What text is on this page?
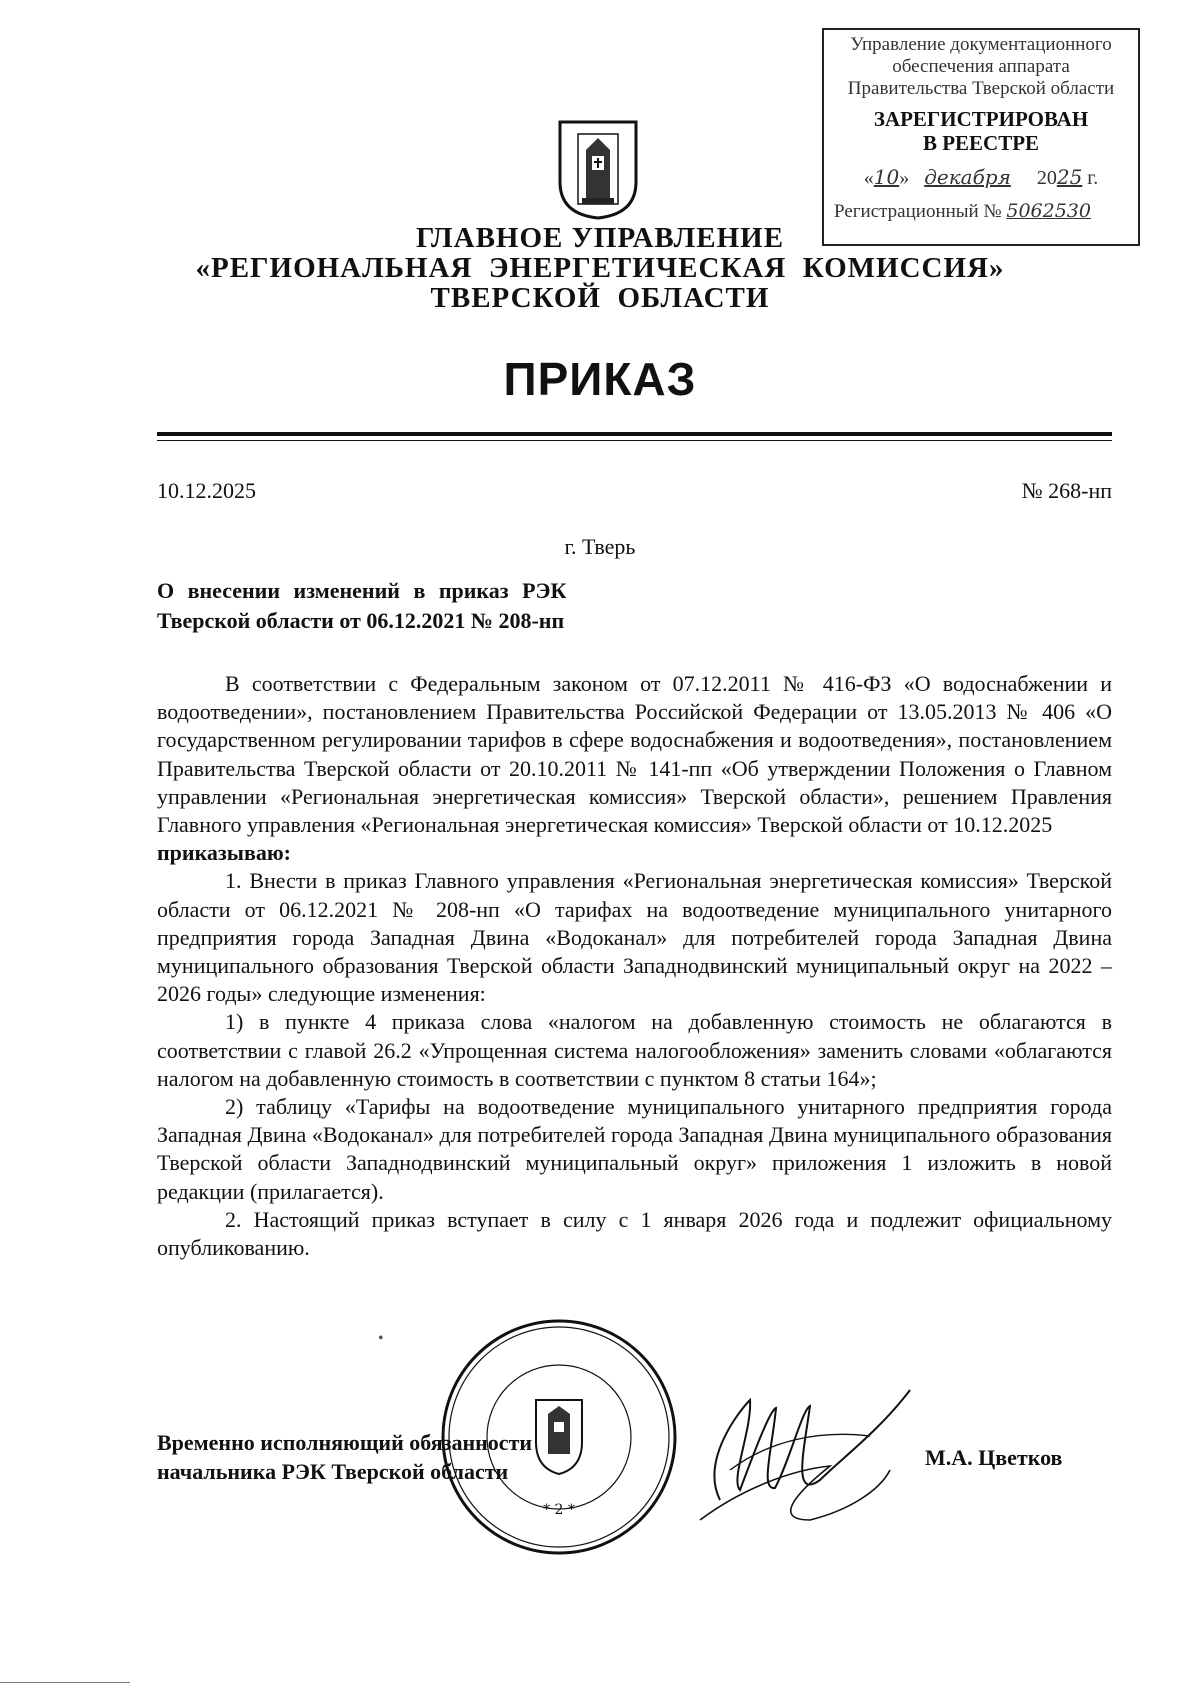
Управление документационного
обеспечения аппарата
Правительства Тверской области
ЗАРЕГИСТРИРОВАН
В РЕЕСТРЕ
«10» декабря 2025 г.
Регистрационный № 5062530
ГЛАВНОЕ УПРАВЛЕНИЕ
«РЕГИОНАЛЬНАЯ  ЭНЕРГЕТИЧЕСКАЯ  КОМИССИЯ»
ТВЕРСКОЙ  ОБЛАСТИ
ПРИКАЗ
10.12.2025	№ 268-нп
г. Тверь
О внесении изменений в приказ РЭК
Тверской области от 06.12.2021 № 208-нп

В соответствии с Федеральным законом от 07.12.2011 № 416-ФЗ «О водоснабжении и водоотведении», постановлением Правительства Российской Федерации от 13.05.2013 № 406 «О государственном регулировании тарифов в сфере водоснабжения и водоотведения», постановлением Правительства Тверской области от 20.10.2011 № 141-пп «Об утверждении Положения о Главном управлении «Региональная энергетическая комиссия» Тверской области», решением Правления Главного управления «Региональная энергетическая комиссия» Тверской области от 10.12.2025

приказываю:

1. Внести в приказ Главного управления «Региональная энергетическая комиссия» Тверской области от 06.12.2021 № 208-нп «О тарифах на водоотведение муниципального унитарного предприятия города Западная Двина «Водоканал» для потребителей города Западная Двина муниципального образования Тверской области Западнодвинский муниципальный округ на 2022 – 2026 годы» следующие изменения:

1) в пункте 4 приказа слова «налогом на добавленную стоимость не облагаются в соответствии с главой 26.2 «Упрощенная система налогообложения» заменить словами «облагаются налогом на добавленную стоимость в соответствии с пунктом 8 статьи 164»;

2) таблицу «Тарифы на водоотведение муниципального унитарного предприятия города Западная Двина «Водоканал» для потребителей города Западная Двина муниципального образования Тверской области Западнодвинский муниципальный округ» приложения 1 изложить в новой редакции (прилагается).

2. Настоящий приказ вступает в силу с 1 января 2026 года и подлежит официальному опубликованию.

•
* 2 *
Временно исполняющий обязанности
начальника РЭК Тверской области
М.А. Цветков
